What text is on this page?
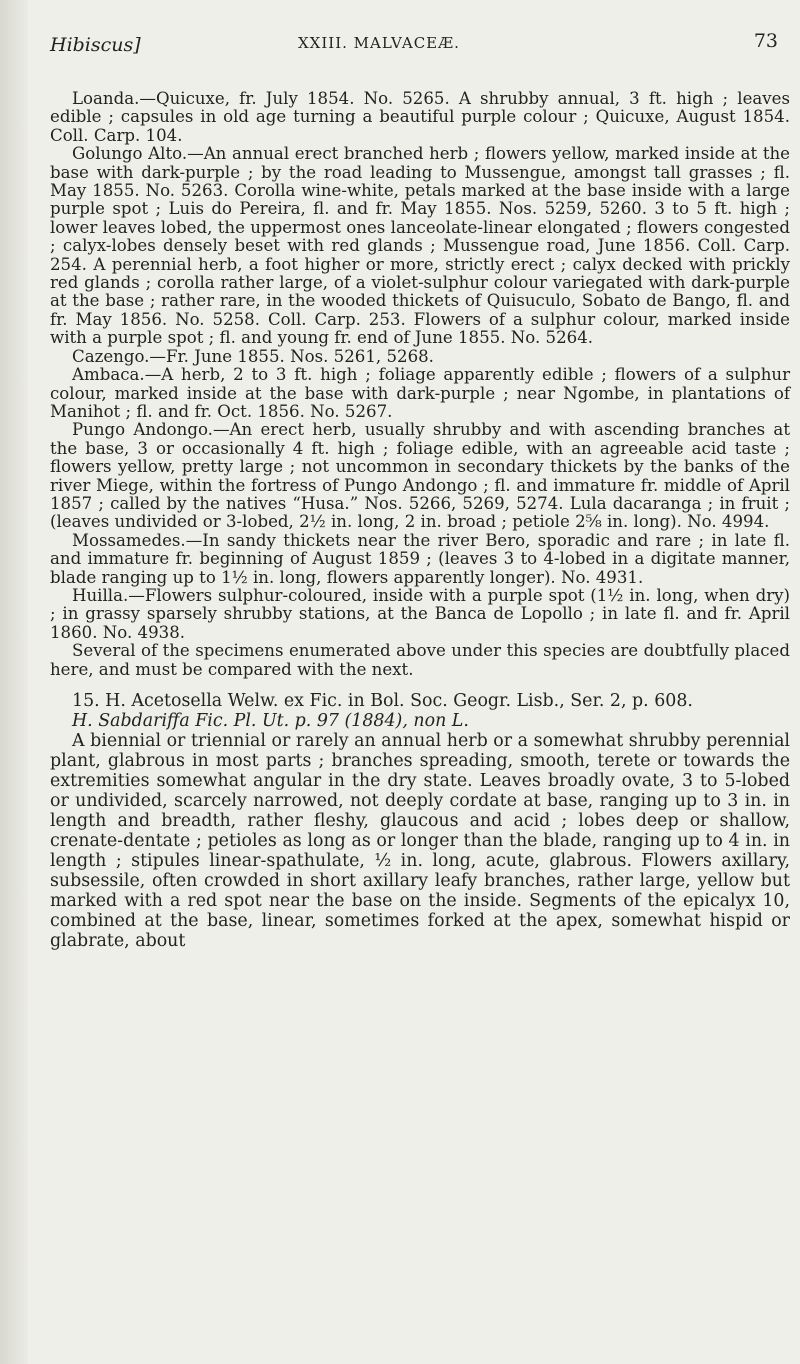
Hibiscus]	XXIII. MALVACEÆ.	73

Loanda.—Quicuxe, fr. July 1854. No. 5265. A shrubby annual, 3 ft. high ; leaves edible ; capsules in old age turning a beautiful purple colour ; Quicuxe, August 1854. Coll. Carp. 104.

Golungo Alto.—An annual erect branched herb ; flowers yellow, marked inside at the base with dark-purple ; by the road leading to Mussengue, amongst tall grasses ; fl. May 1855. No. 5263. Corolla wine-white, petals marked at the base inside with a large purple spot ; Luis do Pereira, fl. and fr. May 1855. Nos. 5259, 5260. 3 to 5 ft. high ; lower leaves lobed, the uppermost ones lanceolate-linear elongated ; flowers congested ; calyx-lobes densely beset with red glands ; Mussengue road, June 1856. Coll. Carp. 254. A perennial herb, a foot higher or more, strictly erect ; calyx decked with prickly red glands ; corolla rather large, of a violet-sulphur colour variegated with dark-purple at the base ; rather rare, in the wooded thickets of Quisuculo, Sobato de Bango, fl. and fr. May 1856. No. 5258. Coll. Carp. 253. Flowers of a sulphur colour, marked inside with a purple spot ; fl. and young fr. end of June 1855. No. 5264.

Cazengo.—Fr. June 1855. Nos. 5261, 5268.

Ambaca.—A herb, 2 to 3 ft. high ; foliage apparently edible ; flowers of a sulphur colour, marked inside at the base with dark-purple ; near Ngombe, in plantations of Manihot ; fl. and fr. Oct. 1856. No. 5267.

Pungo Andongo.—An erect herb, usually shrubby and with ascending branches at the base, 3 or occasionally 4 ft. high ; foliage edible, with an agreeable acid taste ; flowers yellow, pretty large ; not uncommon in secondary thickets by the banks of the river Miege, within the fortress of Pungo Andongo ; fl. and immature fr. middle of April 1857 ; called by the natives “Husa.” Nos. 5266, 5269, 5274. Lula dacaranga ; in fruit ; (leaves undivided or 3-lobed, 2½ in. long, 2 in. broad ; petiole 2⅝ in. long). No. 4994.

Mossamedes.—In sandy thickets near the river Bero, sporadic and rare ; in late fl. and immature fr. beginning of August 1859 ; (leaves 3 to 4-lobed in a digitate manner, blade ranging up to 1½ in. long, flowers apparently longer). No. 4931.

Huilla.—Flowers sulphur-coloured, inside with a purple spot (1½ in. long, when dry) ; in grassy sparsely shrubby stations, at the Banca de Lopollo ; in late fl. and fr. April 1860. No. 4938.

Several of the specimens enumerated above under this species are doubtfully placed here, and must be compared with the next.

15. H. Acetosella Welw. ex Fic. in Bol. Soc. Geogr. Lisb., Ser. 2, p. 608.

H. Sabdariffa Fic. Pl. Ut. p. 97 (1884), non L.

A biennial or triennial or rarely an annual herb or a somewhat shrubby perennial plant, glabrous in most parts ; branches spreading, smooth, terete or towards the extremities somewhat angular in the dry state. Leaves broadly ovate, 3 to 5-lobed or undivided, scarcely narrowed, not deeply cordate at base, ranging up to 3 in. in length and breadth, rather fleshy, glaucous and acid ; lobes deep or shallow, crenate-dentate ; petioles as long as or longer than the blade, ranging up to 4 in. in length ; stipules linear-spathulate, ½ in. long, acute, glabrous. Flowers axillary, subsessile, often crowded in short axillary leafy branches, rather large, yellow but marked with a red spot near the base on the inside. Segments of the epicalyx 10, combined at the base, linear, sometimes forked at the apex, somewhat hispid or glabrate, about
